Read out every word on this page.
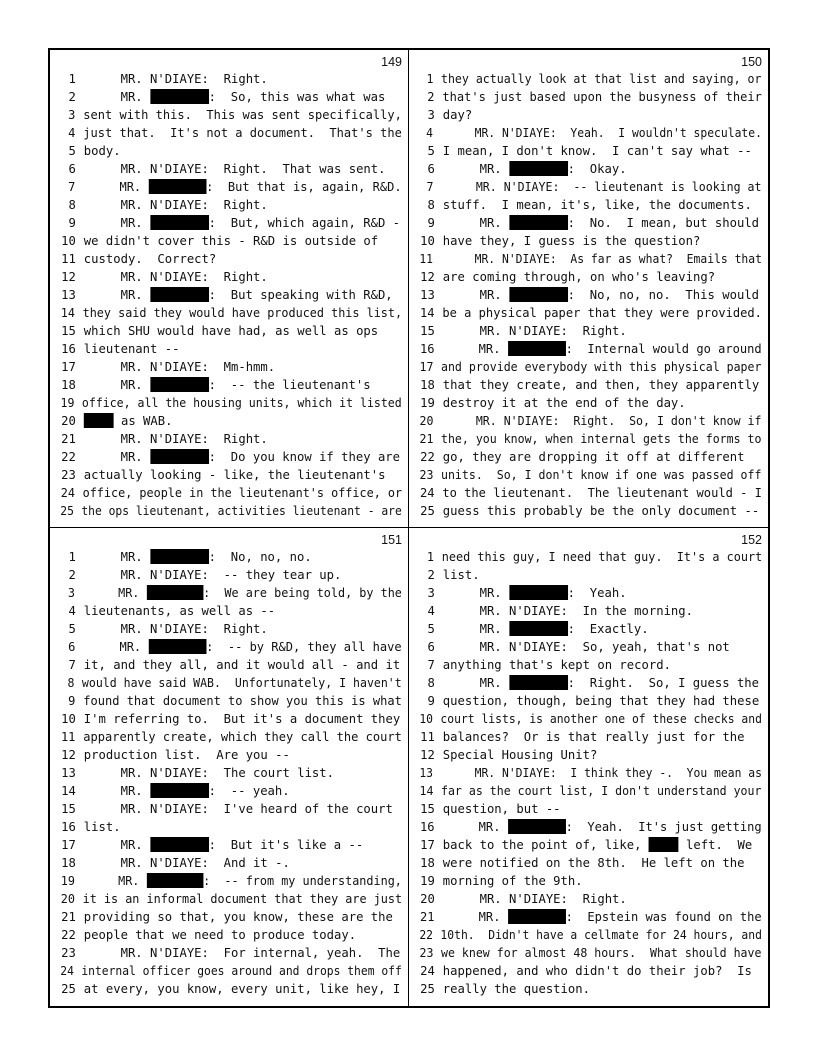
149
1 MR. N'DIAYE:  Right.
2 MR.	:  So, this was what was
3 sent with this.  This was sent specifically,
4 just that.  It's not a document.  That's the
5 body.
6 MR. N'DIAYE:  Right.  That was sent.
7 MR.	:  But that is, again, R&D.
8 MR. N'DIAYE:  Right.
9 MR.	:  But, which again, R&D -
10 we didn't cover this - R&D is outside of
11 custody.  Correct?
12 MR. N'DIAYE:  Right.
13 MR.	:  But speaking with R&D,
14 they said they would have produced this list,
15 which SHU would have had, as well as ops
16 lieutenant --
17 MR. N'DIAYE:  Mm-hmm.
18 MR.	:  -- the lieutenant's
19 office, all the housing units, which it listed
20	as WAB.
21 MR. N'DIAYE:  Right.
22 MR.	:  Do you know if they are
23 actually looking - like, the lieutenant's
24 office, people in the lieutenant's office, or
25 the ops lieutenant, activities lieutenant - are
150
1 they actually look at that list and saying, or
2 that's just based upon the busyness of their
3 day?
4 MR. N'DIAYE:  Yeah.  I wouldn't speculate.
5 I mean, I don't know.  I can't say what --
6 MR.	:  Okay.
7 MR. N'DIAYE:  -- lieutenant is looking at
8 stuff.  I mean, it's, like, the documents.
9 MR.	:  No.  I mean, but should
10 have they, I guess is the question?
11 MR. N'DIAYE:  As far as what?  Emails that
12 are coming through, on who's leaving?
13 MR.	:  No, no, no.  This would
14 be a physical paper that they were provided.
15 MR. N'DIAYE:  Right.
16 MR.	:  Internal would go around
17 and provide everybody with this physical paper
18 that they create, and then, they apparently
19 destroy it at the end of the day.
20 MR. N'DIAYE:  Right.  So, I don't know if
21 the, you know, when internal gets the forms to
22 go, they are dropping it off at different
23 units.  So, I don't know if one was passed off
24 to the lieutenant.  The lieutenant would - I
25 guess this probably be the only document --
151
1 MR.	:  No, no, no.
2 MR. N'DIAYE:  -- they tear up.
3 MR.	:  We are being told, by the
4 lieutenants, as well as --
5 MR. N'DIAYE:  Right.
6 MR.	:  -- by R&D, they all have
7 it, and they all, and it would all - and it
8 would have said WAB.  Unfortunately, I haven't
9 found that document to show you this is what
10 I'm referring to.  But it's a document they
11 apparently create, which they call the court
12 production list.  Are you --
13 MR. N'DIAYE:  The court list.
14 MR.	:  -- yeah.
15 MR. N'DIAYE:  I've heard of the court
16 list.
17 MR.	:  But it's like a --
18 MR. N'DIAYE:  And it -.
19 MR.	:  -- from my understanding,
20 it is an informal document that they are just
21 providing so that, you know, these are the
22 people that we need to produce today.
23 MR. N'DIAYE:  For internal, yeah.  The
24 internal officer goes around and drops them off
25 at every, you know, every unit, like hey, I
152
1 need this guy, I need that guy.  It's a court
2 list.
3 MR.	:  Yeah.
4 MR. N'DIAYE:  In the morning.
5 MR.	:  Exactly.
6 MR. N'DIAYE:  So, yeah, that's not
7 anything that's kept on record.
8 MR.	:  Right.  So, I guess the
9 question, though, being that they had these
10 court lists, is another one of these checks and
11 balances?  Or is that really just for the
12 Special Housing Unit?
13 MR. N'DIAYE:  I think they -.  You mean as
14 far as the court list, I don't understand your
15 question, but --
16 MR.	:  Yeah.  It's just getting
17 back to the point of, like,  left.  We
18 were notified on the 8th.  He left on the
19 morning of the 9th.
20 MR. N'DIAYE:  Right.
21 MR.	:  Epstein was found on the
22 10th.  Didn't have a cellmate for 24 hours, and
23 we knew for almost 48 hours.  What should have
24 happened, and who didn't do their job?  Is
25 really the question.
